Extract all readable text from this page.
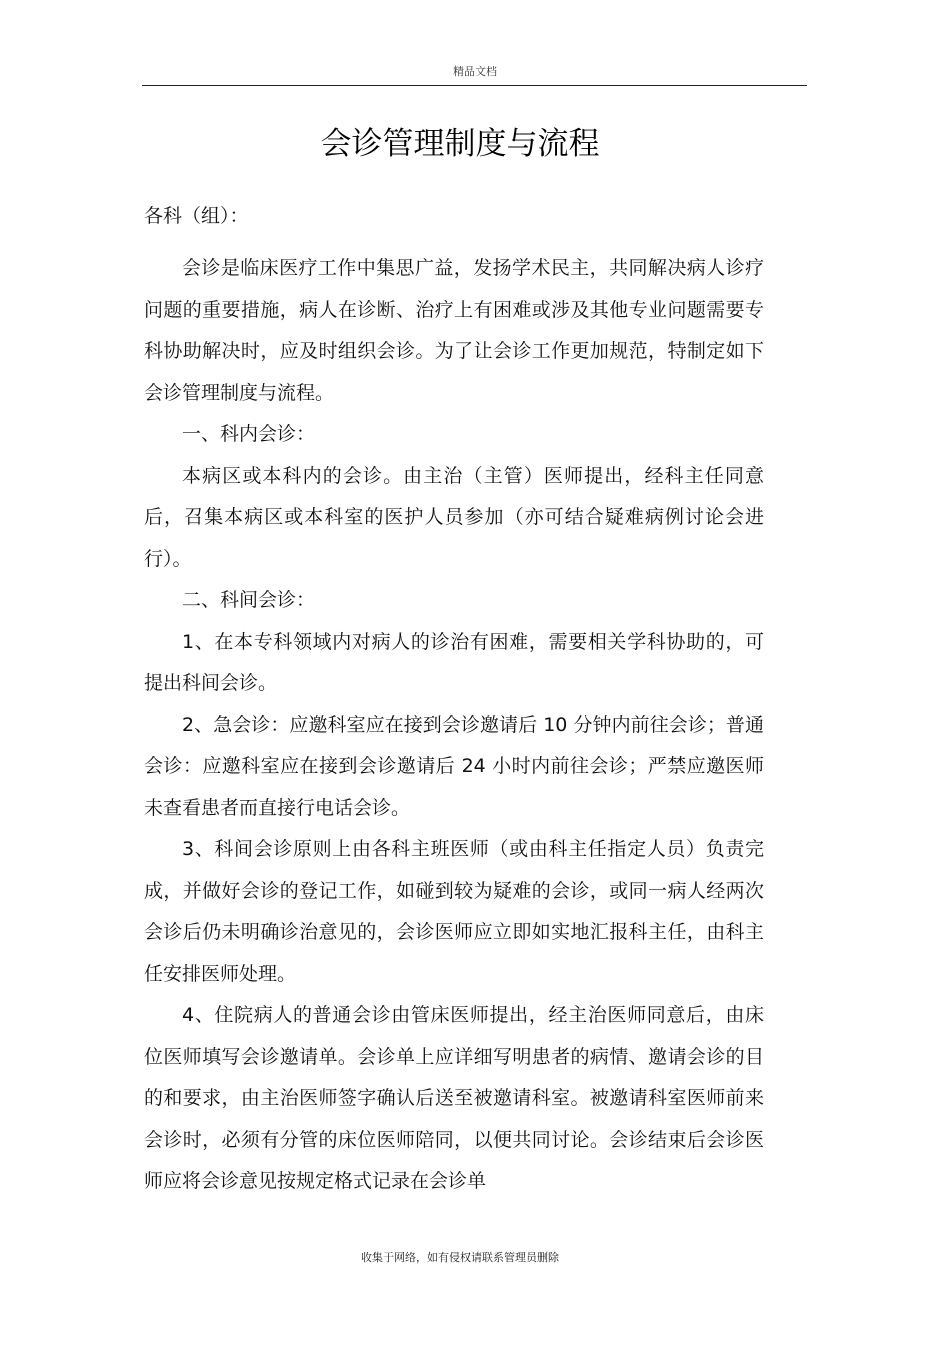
精品文档
会诊管理制度与流程
各科（组）：

会诊是临床医疗工作中集思广益，发扬学术民主，共同解决病人诊疗问题的重要措施，病人在诊断、治疗上有困难或涉及其他专业问题需要专科协助解决时，应及时组织会诊。为了让会诊工作更加规范，特制定如下会诊管理制度与流程。

一、科内会诊：

本病区或本科内的会诊。由主治（主管）医师提出，经科主任同意后，召集本病区或本科室的医护人员参加（亦可结合疑难病例讨论会进行）。

二、科间会诊：

1、在本专科领域内对病人的诊治有困难，需要相关学科协助的，可提出科间会诊。

2、急会诊：应邀科室应在接到会诊邀请后 10 分钟内前往会诊；普通会诊：应邀科室应在接到会诊邀请后 24 小时内前往会诊；严禁应邀医师未查看患者而直接行电话会诊。

3、科间会诊原则上由各科主班医师（或由科主任指定人员）负责完成，并做好会诊的登记工作，如碰到较为疑难的会诊，或同一病人经两次会诊后仍未明确诊治意见的，会诊医师应立即如实地汇报科主任，由科主任安排医师处理。

4、住院病人的普通会诊由管床医师提出，经主治医师同意后，由床位医师填写会诊邀请单。会诊单上应详细写明患者的病情、邀请会诊的目的和要求，由主治医师签字确认后送至被邀请科室。被邀请科室医师前来会诊时，必须有分管的床位医师陪同，以便共同讨论。会诊结束后会诊医师应将会诊意见按规定格式记录在会诊单

收集于网络，如有侵权请联系管理员删除
